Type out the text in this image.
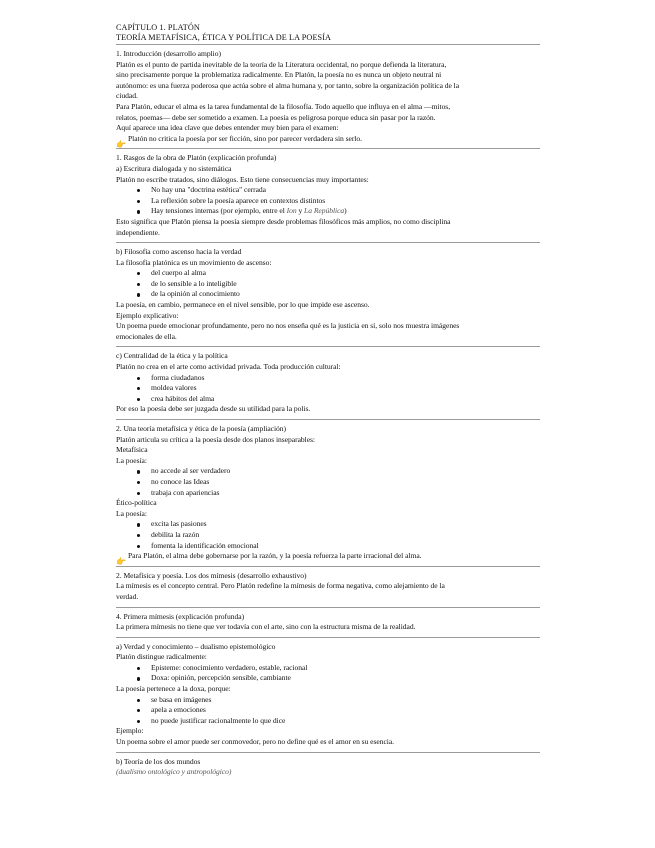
CAPÍTULO 1. PLATÓN
TEORÍA METAFÍSICA, ÉTICA Y POLÍTICA DE LA POESÍA
1. Introducción (desarrollo amplio)
Platón es el punto de partida inevitable de la teoría de la Literatura occidental, no porque defienda la literatura,
sino precisamente porque la problematiza radicalmente. En Platón, la poesía no es nunca un objeto neutral ni
autónomo: es una fuerza poderosa que actúa sobre el alma humana y, por tanto, sobre la organización política de la
ciudad.
Para Platón, educar el alma es la tarea fundamental de la filosofía. Todo aquello que influya en el alma —mitos,
relatos, poemas— debe ser sometido a examen. La poesía es peligrosa porque educa sin pasar por la razón.
Aquí aparece una idea clave que debes entender muy bien para el examen:
Platón no critica la poesía por ser ficción, sino por parecer verdadera sin serlo.
1. Rasgos de la obra de Platón (explicación profunda)
a) Escritura dialogada y no sistemática
Platón no escribe tratados, sino diálogos. Esto tiene consecuencias muy importantes:
No hay una "doctrina estética" cerrada
La reflexión sobre la poesía aparece en contextos distintos
Hay tensiones internas (por ejemplo, entre el Ion y La República)
Esto significa que Platón piensa la poesía siempre desde problemas filosóficos más amplios, no como disciplina
independiente.
b) Filosofía como ascenso hacia la verdad
La filosofía platónica es un movimiento de ascenso:
del cuerpo al alma
de lo sensible a lo inteligible
de la opinión al conocimiento
La poesía, en cambio, permanece en el nivel sensible, por lo que impide ese ascenso.
Ejemplo explicativo:
Un poema puede emocionar profundamente, pero no nos enseña qué es la justicia en sí, solo nos muestra imágenes
emocionales de ella.
c) Centralidad de la ética y la política
Platón no crea en el arte como actividad privada. Toda producción cultural:
forma ciudadanos
moldea valores
crea hábitos del alma
Por eso la poesía debe ser juzgada desde su utilidad para la polis.
2. Una teoría metafísica y ética de la poesía (ampliación)
Platón articula su crítica a la poesía desde dos planos inseparables:
Metafísica
La poesía:
no accede al ser verdadero
no conoce las Ideas
trabaja con apariencias
Ético-política
La poesía:
excita las pasiones
debilita la razón
fomenta la identificación emocional
Para Platón, el alma debe gobernarse por la razón, y la poesía refuerza la parte irracional del alma.
2. Metafísica y poesía. Los dos mímesis (desarrollo exhaustivo)
La mímesis es el concepto central. Pero Platón redefine la mímesis de forma negativa, como alejamiento de la
verdad.
4. Primera mímesis (explicación profunda)
La primera mímesis no tiene que ver todavía con el arte, sino con la estructura misma de la realidad.
a) Verdad y conocimiento – dualismo epistemológico
Platón distingue radicalmente:
Episteme: conocimiento verdadero, estable, racional
Doxa: opinión, percepción sensible, cambiante
La poesía pertenece a la doxa, porque:
se basa en imágenes
apela a emociones
no puede justificar racionalmente lo que dice
Ejemplo:
Un poema sobre el amor puede ser conmovedor, pero no define qué es el amor en su esencia.
b) Teoría de los dos mundos
(dualismo ontológico y antropológico)
